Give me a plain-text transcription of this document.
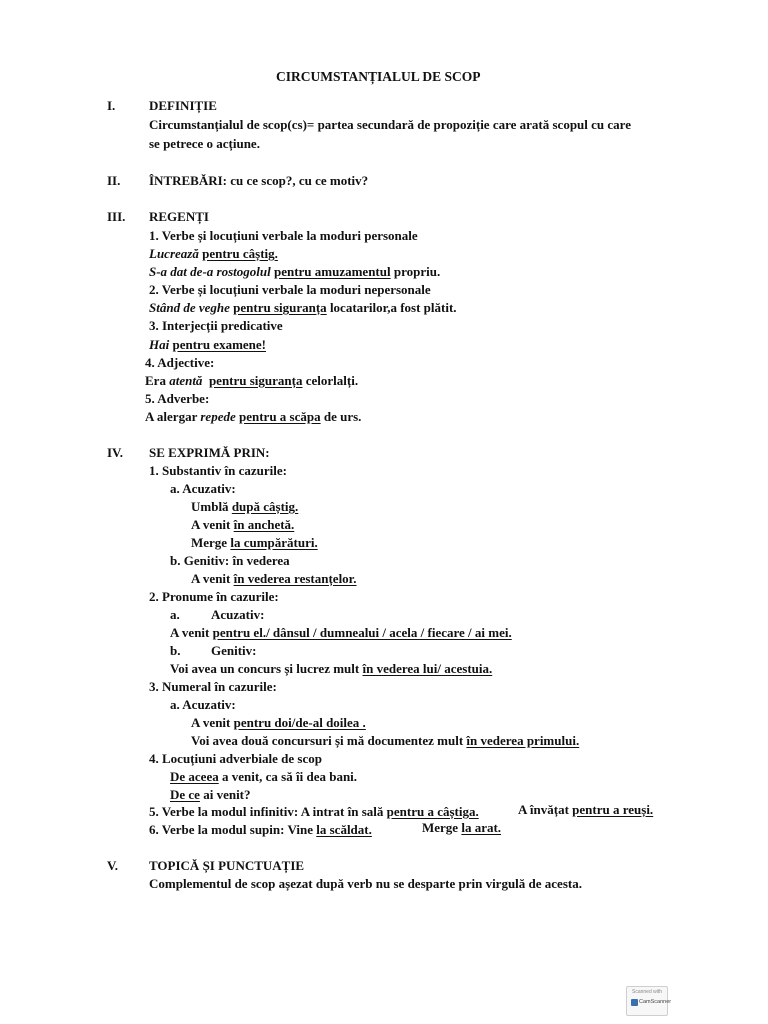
CIRCUMSTANȚIALUL DE SCOP
I.	DEFINIȚIE
Circumstanțialul de scop(cs)= partea secundară de propoziție care arată scopul cu care
se petrece o acțiune.
II. ÎNTREBĂRI: cu ce scop?, cu ce motiv?
III. REGENȚI
1. Verbe și locuțiuni verbale la moduri personale
Lucrează pentru câștig.
S-a dat de-a rostogolul pentru amuzamentul propriu.
2. Verbe și locuțiuni verbale la moduri nepersonale
Stând de veghe pentru siguranța locatarilor,a fost plătit.
3. Interjecții predicative
Hai pentru examene!
4. Adjective:
Era atentă pentru siguranța celorlalți.
5. Adverbe:
A alergar repede pentru a scăpa de urs.
IV. SE EXPRIMĂ PRIN:
1. Substantiv în cazurile:
a. Acuzativ:
Umblă după câștig.
A venit în anchetă.
Merge la cumpărături.
b. Genitiv: în vederea
A venit în vederea restanțelor.
2. Pronume în cazurile:
a. Acuzativ:
A venit pentru el./ dânsul / dumnealui / acela / fiecare / ai mei.
b. Genitiv:
Voi avea un concurs și lucrez mult în vederea lui/ acestuia.
3. Numeral în cazurile:
a. Acuzativ:
A venit pentru doi/de-al doilea .
Voi avea două concursuri și mă documentez mult în vederea primului.
4. Locuțiuni adverbiale de scop
De aceea a venit, ca să îi dea bani.
De ce ai venit?
5. Verbe la modul infinitiv: A intrat în sală pentru a câștiga.	A învățat pentru a reuși.
6. Verbe la modul supin: Vine la scăldat.	Merge la arat.
V. TOPICĂ ȘI PUNCTUAȚIE
Complementul de scop așezat după verb nu se desparte prin virgulă de acesta.
Scanned with
CamScanner
